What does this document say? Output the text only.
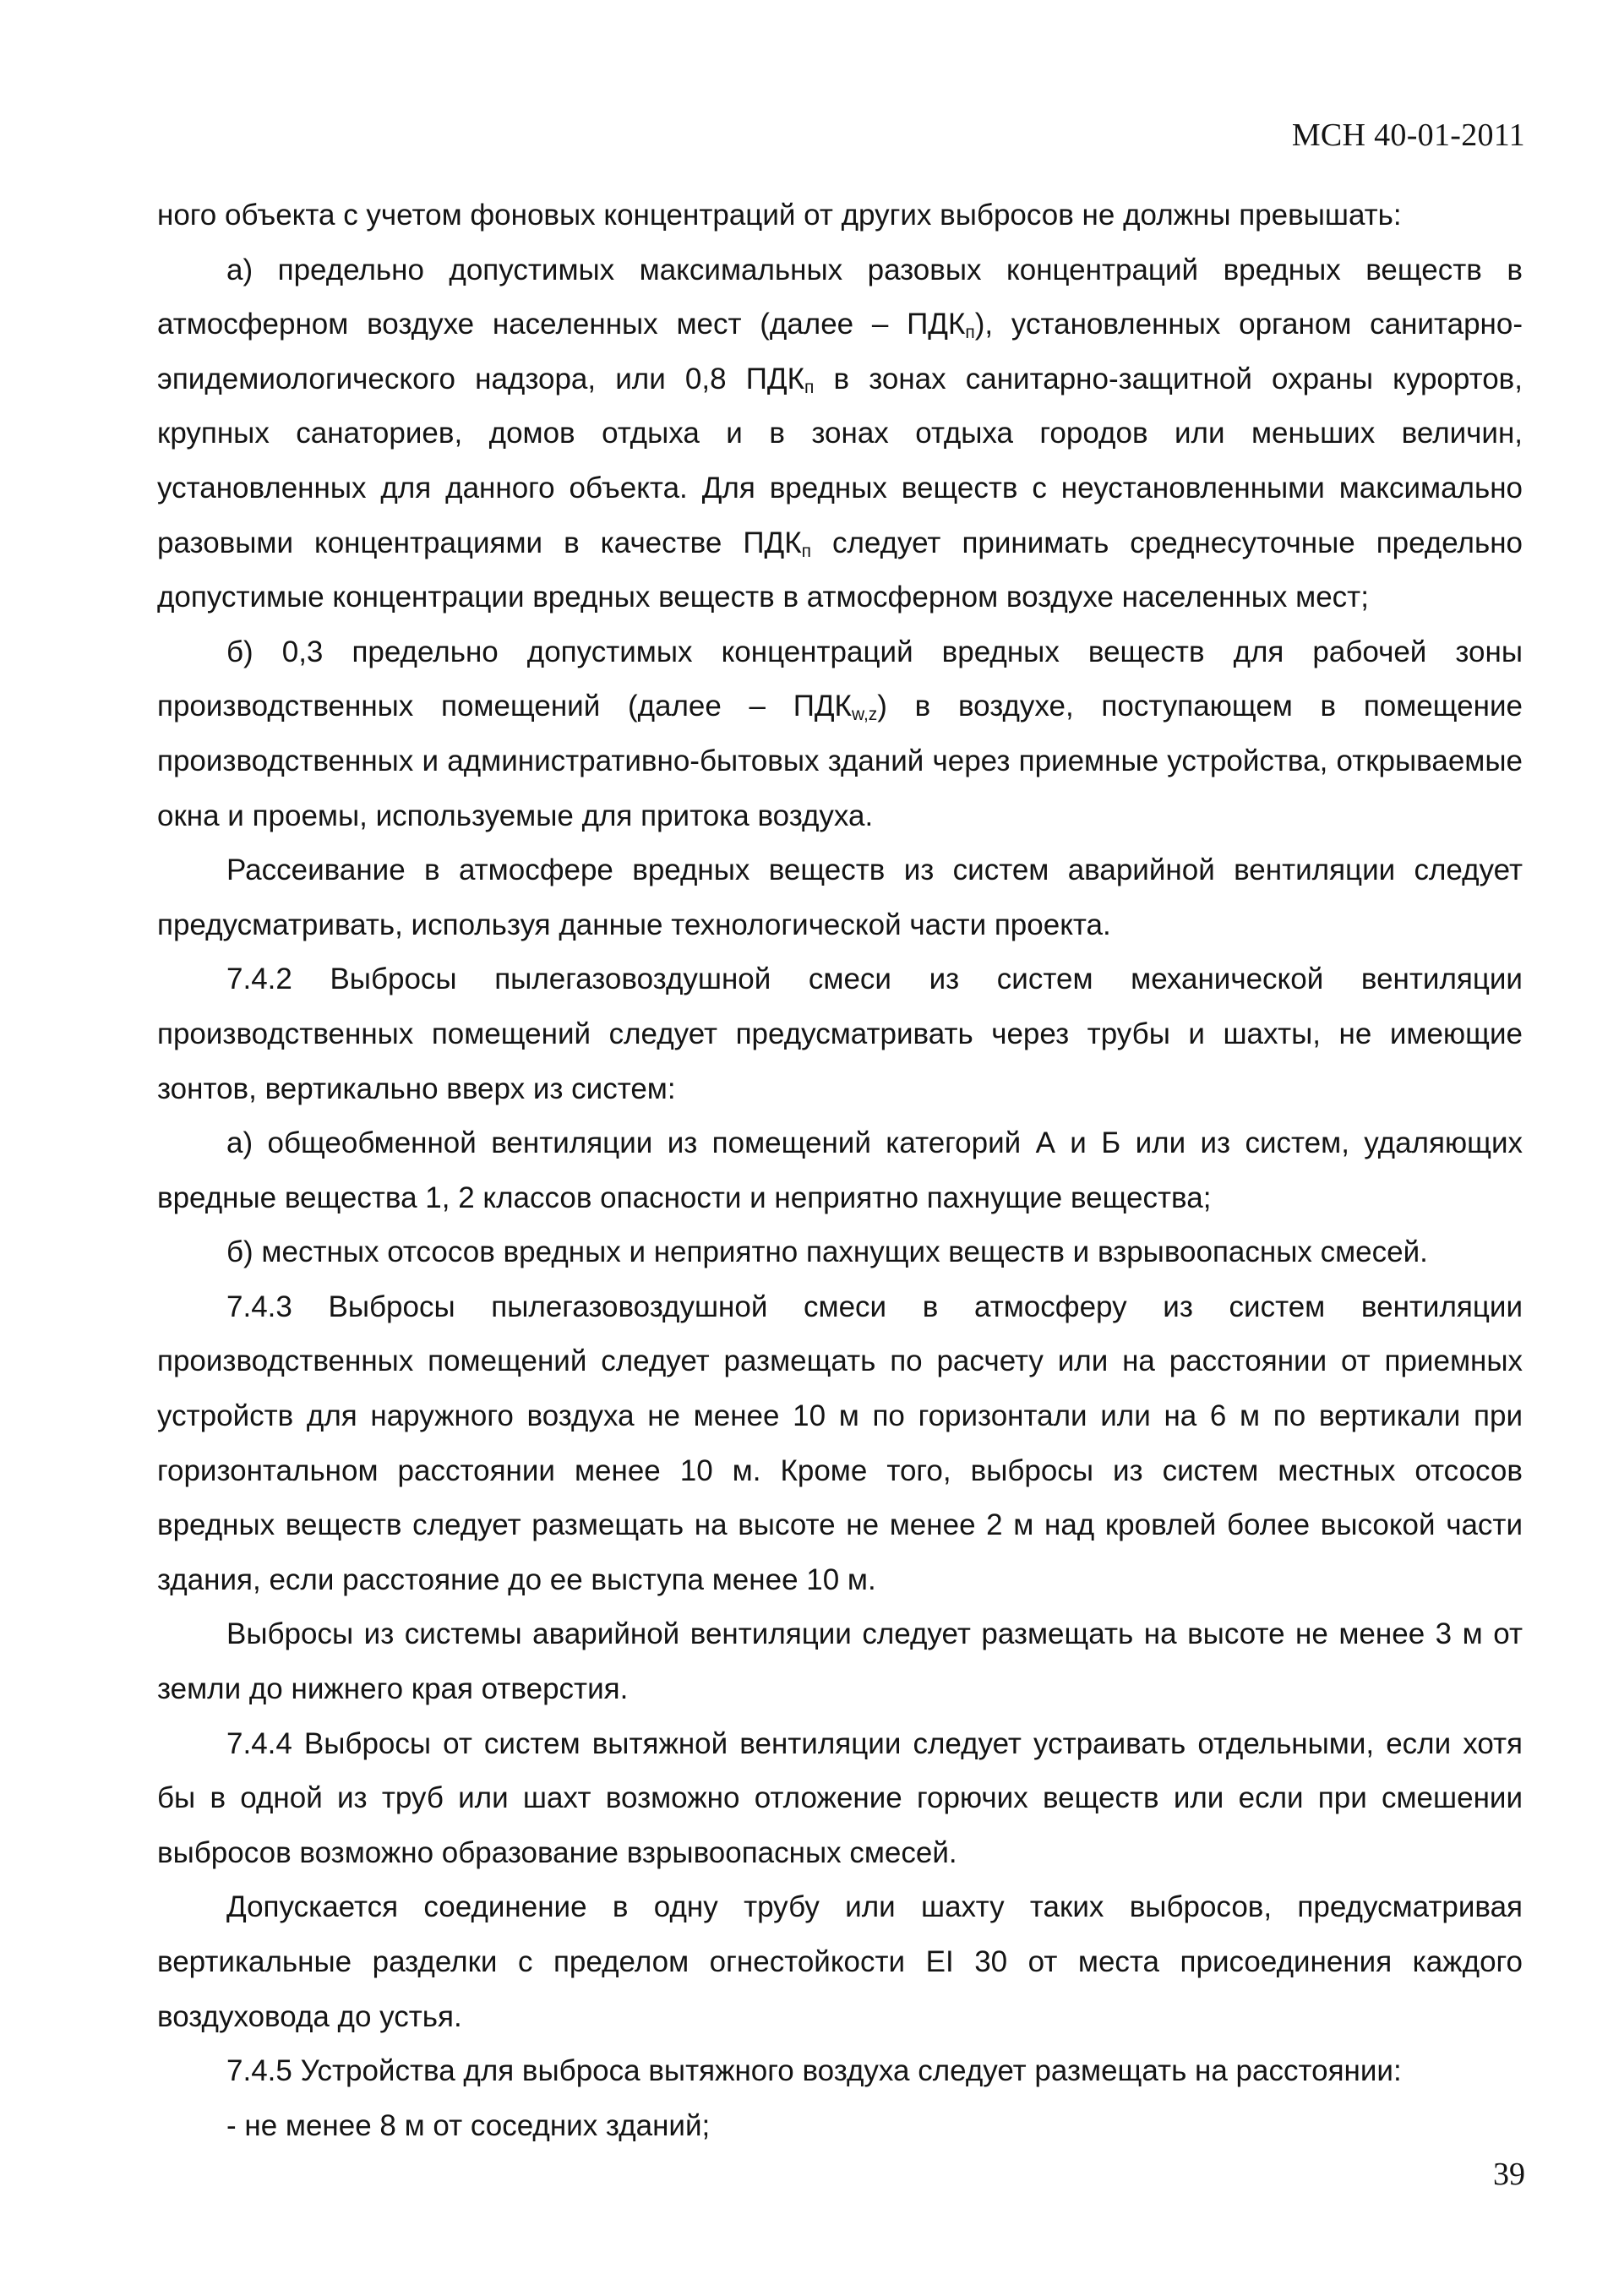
МСН 40-01-2011

ного объекта с учетом фоновых концентраций от других выбросов не должны превышать:

а) предельно допустимых максимальных разовых концентраций вредных веществ в атмосферном воздухе населенных мест (далее – $ПДК_п$), установленных органом санитарно-эпидемиологического надзора, или 0,8 $ПДК_п$ в зонах санитарно-защитной охраны курортов, крупных санаториев, домов отдыха и в зонах отдыха городов или меньших величин, установленных для данного объекта. Для вредных веществ с неустановленными максимально разовыми концентрациями в качестве $ПДК_п$ следует принимать среднесуточные предельно допустимые концентрации вредных веществ в атмосферном воздухе населенных мест;

б) 0,3 предельно допустимых концентраций вредных веществ для рабочей зоны производственных помещений (далее – $ПДК_{w,z}$) в воздухе, поступающем в помещение производственных и административно-бытовых зданий через приемные устройства, открываемые окна и проемы, используемые для притока воздуха.

Рассеивание в атмосфере вредных веществ из систем аварийной вентиляции следует предусматривать, используя данные технологической части проекта.

7.4.2 Выбросы пылегазовоздушной смеси из систем механической вентиляции производственных помещений следует предусматривать через трубы и шахты, не имеющие зонтов, вертикально вверх из систем:

а) общеобменной вентиляции из помещений категорий А и Б или из систем, удаляющих вредные вещества 1, 2 классов опасности и неприятно пахнущие вещества;

б) местных отсосов вредных и неприятно пахнущих веществ и взрывоопасных смесей.

7.4.3 Выбросы пылегазовоздушной смеси в атмосферу из систем вентиляции производственных помещений следует размещать по расчету или на расстоянии от приемных устройств для наружного воздуха не менее 10 м по горизонтали или на 6 м по вертикали при горизонтальном расстоянии менее 10 м. Кроме того, выбросы из систем местных отсосов вредных веществ следует размещать на высоте не менее 2 м над кровлей более высокой части здания, если расстояние до ее выступа менее 10 м.

Выбросы из системы аварийной вентиляции следует размещать на высоте не менее 3 м от земли до нижнего края отверстия.

7.4.4 Выбросы от систем вытяжной вентиляции следует устраивать отдельными, если хотя бы в одной из труб или шахт возможно отложение горючих веществ или если при смешении выбросов возможно образование взрывоопасных смесей.

Допускается соединение в одну трубу или шахту таких выбросов, предусматривая вертикальные разделки с пределом огнестойкости EI 30 от места присоединения каждого воздуховода до устья.

7.4.5 Устройства для выброса вытяжного воздуха следует размещать на расстоянии:

- не менее 8 м от соседних зданий;

39
